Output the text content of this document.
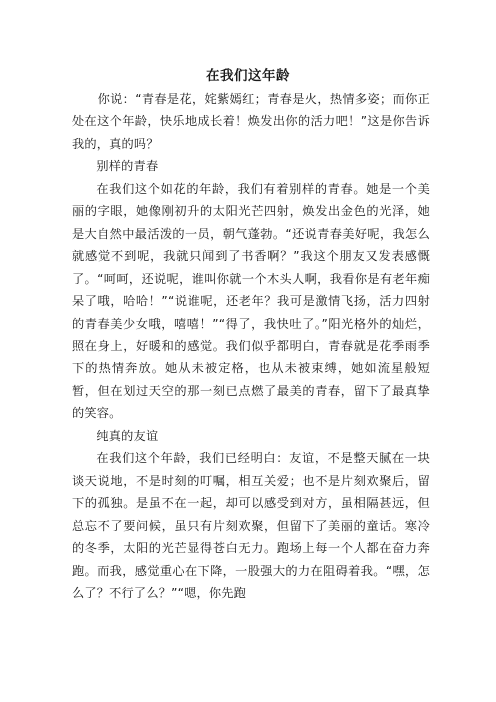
在我们这年龄

你说：“青春是花，姹紫嫣红；青春是火，热情多姿；而你正处在这个年龄，快乐地成长着！焕发出你的活力吧！”这是你告诉我的，真的吗？

别样的青春

在我们这个如花的年龄，我们有着别样的青春。她是一个美丽的字眼，她像刚初升的太阳光芒四射，焕发出金色的光泽，她是大自然中最活泼的一员，朝气蓬勃。“还说青春美好呢，我怎么就感觉不到呢，我就只闻到了书香啊？”我这个朋友又发表感慨了。“呵呵，还说呢，谁叫你就一个木头人啊，我看你是有老年痴呆了哦，哈哈！”“说谁呢，还老年？我可是激情飞扬，活力四射的青春美少女哦，嘻嘻！”“得了，我快吐了。”阳光格外的灿烂，照在身上，好暖和的感觉。我们似乎都明白，青春就是花季雨季下的热情奔放。她从未被定格，也从未被束缚，她如流星般短暂，但在划过天空的那一刻已点燃了最美的青春，留下了最真挚的笑容。

纯真的友谊

在我们这个年龄，我们已经明白：友谊，不是整天腻在一块谈天说地，不是时刻的叮嘱，相互关爱；也不是片刻欢聚后，留下的孤独。是虽不在一起，却可以感受到对方，虽相隔甚远，但总忘不了要问候，虽只有片刻欢聚，但留下了美丽的童话。寒冷的冬季，太阳的光芒显得苍白无力。跑场上每一个人都在奋力奔跑。而我，感觉重心在下降，一股强大的力在阻碍着我。“嘿，怎么了？不行了么？”“嗯，你先跑
